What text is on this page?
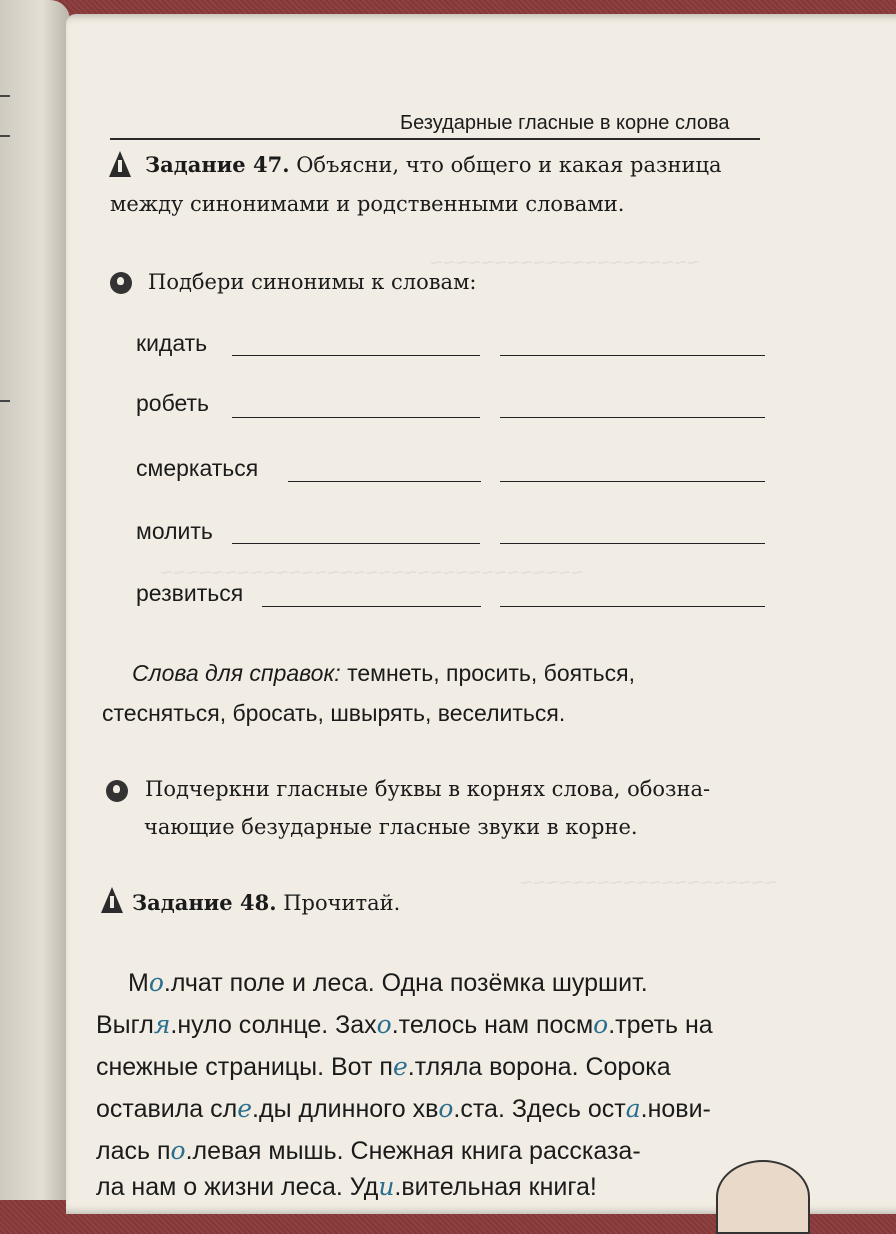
~~~~~~~~~~~~~~~~~~~~~
~~~~~~~~~~~~~~~~~~~~~~~~~~~~~~~~~
~~~~~~~~~~~~~~~~~~~~
Безударные гласные в корне слова
Задание 47. Объясни, что общего и какая разница
между синонимами и родственными словами.
Подбери синонимы к словам:
кидать
робеть
смеркаться
молить
резвиться
Слова для справок: темнеть, просить, бояться,
стесняться, бросать, швырять, веселиться.
Подчеркни гласные буквы в корнях слова, обозна-
чающие безударные гласные звуки в корне.
Задание 48. Прочитай.
Мо.лчат поле и леса. Одна позёмка шуршит.
Выгля.нуло солнце. Захо.телось нам посмо.треть на
снежные страницы. Вот пе.тляла ворона. Сорока
оставила сле.ды длинного хво.ста. Здесь оста.нови-
лась по.левая мышь. Снежная книга рассказа-
ла нам о жизни леса. Уди.вительная книга!
